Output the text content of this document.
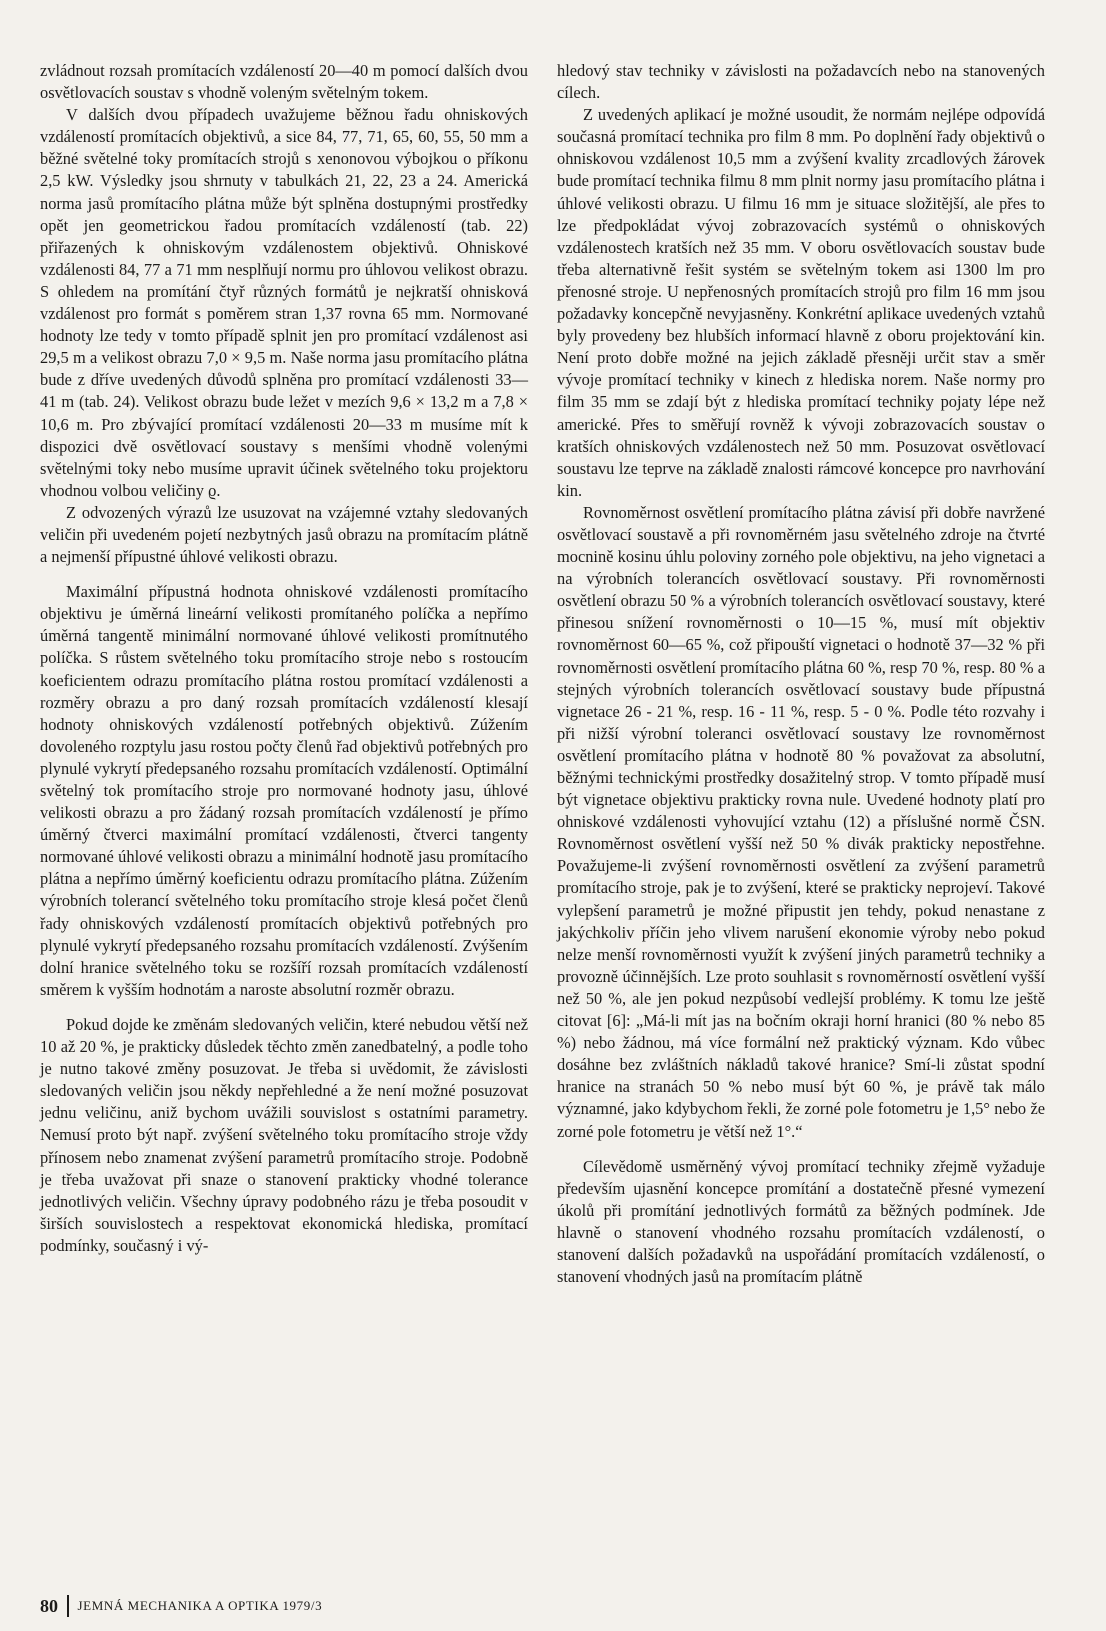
zvládnout rozsah promítacích vzdáleností 20—40 m pomocí dalších dvou osvětlovacích soustav s vhodně voleným světelným tokem.

V dalších dvou případech uvažujeme běžnou řadu ohniskových vzdáleností promítacích objektivů, a sice 84, 77, 71, 65, 60, 55, 50 mm a běžné světelné toky promítacích strojů s xenonovou výbojkou o příkonu 2,5 kW. Výsledky jsou shrnuty v tabulkách 21, 22, 23 a 24. Americká norma jasů promítacího plátna může být splněna dostupnými prostředky opět jen geometrickou řadou promítacích vzdáleností (tab. 22) přiřazených k ohniskovým vzdálenostem objektivů. Ohniskové vzdálenosti 84, 77 a 71 mm nesplňují normu pro úhlovou velikost obrazu. S ohledem na promítání čtyř různých formátů je nejkratší ohnisková vzdálenost pro formát s poměrem stran 1,37 rovna 65 mm. Normované hodnoty lze tedy v tomto případě splnit jen pro promítací vzdálenost asi 29,5 m a velikost obrazu 7,0 × 9,5 m. Naše norma jasu promítacího plátna bude z dříve uvedených důvodů splněna pro promítací vzdálenosti 33—41 m (tab. 24). Velikost obrazu bude ležet v mezích 9,6 × 13,2 m a 7,8 × 10,6 m. Pro zbývající promítací vzdálenosti 20—33 m musíme mít k dispozici dvě osvětlovací soustavy s menšími vhodně volenými světelnými toky nebo musíme upravit účinek světelného toku projektoru vhodnou volbou veličiny ϱ.

Z odvozených výrazů lze usuzovat na vzájemné vztahy sledovaných veličin při uvedeném pojetí nezbytných jasů obrazu na promítacím plátně a nejmenší přípustné úhlové velikosti obrazu.

Maximální přípustná hodnota ohniskové vzdálenosti promítacího objektivu je úměrná lineární velikosti promítaného políčka a nepřímo úměrná tangentě minimální normované úhlové velikosti promítnutého políčka. S růstem světelného toku promítacího stroje nebo s rostoucím koeficientem odrazu promítacího plátna rostou promítací vzdálenosti a rozměry obrazu a pro daný rozsah promítacích vzdáleností klesají hodnoty ohniskových vzdáleností potřebných objektivů. Zúžením dovoleného rozptylu jasu rostou počty členů řad objektivů potřebných pro plynulé vykrytí předepsaného rozsahu promítacích vzdáleností. Optimální světelný tok promítacího stroje pro normované hodnoty jasu, úhlové velikosti obrazu a pro žádaný rozsah promítacích vzdáleností je přímo úměrný čtverci maximální promítací vzdálenosti, čtverci tangenty normované úhlové velikosti obrazu a minimální hodnotě jasu promítacího plátna a nepřímo úměrný koeficientu odrazu promítacího plátna. Zúžením výrobních tolerancí světelného toku promítacího stroje klesá počet členů řady ohniskových vzdáleností promítacích objektivů potřebných pro plynulé vykrytí předepsaného rozsahu promítacích vzdáleností. Zvýšením dolní hranice světelného toku se rozšíří rozsah promítacích vzdáleností směrem k vyšším hodnotám a naroste absolutní rozměr obrazu.

Pokud dojde ke změnám sledovaných veličin, které nebudou větší než 10 až 20 %, je prakticky důsledek těchto změn zanedbatelný, a podle toho je nutno takové změny posuzovat. Je třeba si uvědomit, že závislosti sledovaných veličin jsou někdy nepřehledné a že není možné posuzovat jednu veličinu, aniž bychom uvážili souvislost s ostatními parametry. Nemusí proto být např. zvýšení světelného toku promítacího stroje vždy přínosem nebo znamenat zvýšení parametrů promítacího stroje. Podobně je třeba uvažovat při snaze o stanovení prakticky vhodné tolerance jednotlivých veličin. Všechny úpravy podobného rázu je třeba posoudit v širších souvislostech a respektovat ekonomická hlediska, promítací podmínky, současný i vý-

hledový stav techniky v závislosti na požadavcích nebo na stanovených cílech.

Z uvedených aplikací je možné usoudit, že normám nejlépe odpovídá současná promítací technika pro film 8 mm. Po doplnění řady objektivů o ohniskovou vzdálenost 10,5 mm a zvýšení kvality zrcadlových žárovek bude promítací technika filmu 8 mm plnit normy jasu promítacího plátna i úhlové velikosti obrazu. U filmu 16 mm je situace složitější, ale přes to lze předpokládat vývoj zobrazovacích systémů o ohniskových vzdálenostech kratších než 35 mm. V oboru osvětlovacích soustav bude třeba alternativně řešit systém se světelným tokem asi 1300 lm pro přenosné stroje. U nepřenosných promítacích strojů pro film 16 mm jsou požadavky koncepčně nevyjasněny. Konkrétní aplikace uvedených vztahů byly provedeny bez hlubších informací hlavně z oboru projektování kin. Není proto dobře možné na jejich základě přesněji určit stav a směr vývoje promítací techniky v kinech z hlediska norem. Naše normy pro film 35 mm se zdají být z hlediska promítací techniky pojaty lépe než americké. Přes to směřují rovněž k vývoji zobrazovacích soustav o kratších ohniskových vzdálenostech než 50 mm. Posuzovat osvětlovací soustavu lze teprve na základě znalosti rámcové koncepce pro navrhování kin.

Rovnoměrnost osvětlení promítacího plátna závisí při dobře navržené osvětlovací soustavě a při rovnoměrném jasu světelného zdroje na čtvrté mocnině kosinu úhlu poloviny zorného pole objektivu, na jeho vignetaci a na výrobních tolerancích osvětlovací soustavy. Při rovnoměrnosti osvětlení obrazu 50 % a výrobních tolerancích osvětlovací soustavy, které přinesou snížení rovnoměrnosti o 10—15 %, musí mít objektiv rovnoměrnost 60—65 %, což připouští vignetaci o hodnotě 37—32 % při rovnoměrnosti osvětlení promítacího plátna 60 %, resp 70 %, resp. 80 % a stejných výrobních tolerancích osvětlovací soustavy bude přípustná vignetace 26 - 21 %, resp. 16 - 11 %, resp. 5 - 0 %. Podle této rozvahy i při nižší výrobní toleranci osvětlovací soustavy lze rovnoměrnost osvětlení promítacího plátna v hodnotě 80 % považovat za absolutní, běžnými technickými prostředky dosažitelný strop. V tomto případě musí být vignetace objektivu prakticky rovna nule. Uvedené hodnoty platí pro ohniskové vzdálenosti vyhovující vztahu (12) a příslušné normě ČSN. Rovnoměrnost osvětlení vyšší než 50 % divák prakticky nepostřehne. Považujeme-li zvýšení rovnoměrnosti osvětlení za zvýšení parametrů promítacího stroje, pak je to zvýšení, které se prakticky neprojeví. Takové vylepšení parametrů je možné připustit jen tehdy, pokud nenastane z jakýchkoliv příčin jeho vlivem narušení ekonomie výroby nebo pokud nelze menší rovnoměrnosti využít k zvýšení jiných parametrů techniky a provozně účinnějších. Lze proto souhlasit s rovnoměrností osvětlení vyšší než 50 %, ale jen pokud nezpůsobí vedlejší problémy. K tomu lze ještě citovat [6]: „Má-li mít jas na bočním okraji horní hranici (80 % nebo 85 %) nebo žádnou, má více formální než praktický význam. Kdo vůbec dosáhne bez zvláštních nákladů takové hranice? Smí-li zůstat spodní hranice na stranách 50 % nebo musí být 60 %, je právě tak málo významné, jako kdybychom řekli, že zorné pole fotometru je 1,5° nebo že zorné pole fotometru je větší než 1°.“

Cílevědomě usměrněný vývoj promítací techniky zřejmě vyžaduje především ujasnění koncepce promítání a dostatečně přesné vymezení úkolů při promítání jednotlivých formátů za běžných podmínek. Jde hlavně o stanovení vhodného rozsahu promítacích vzdáleností, o stanovení dalších požadavků na uspořádání promítacích vzdáleností, o stanovení vhodných jasů na promítacím plátně

80 JEMNÁ MECHANIKA A OPTIKA 1979/3
